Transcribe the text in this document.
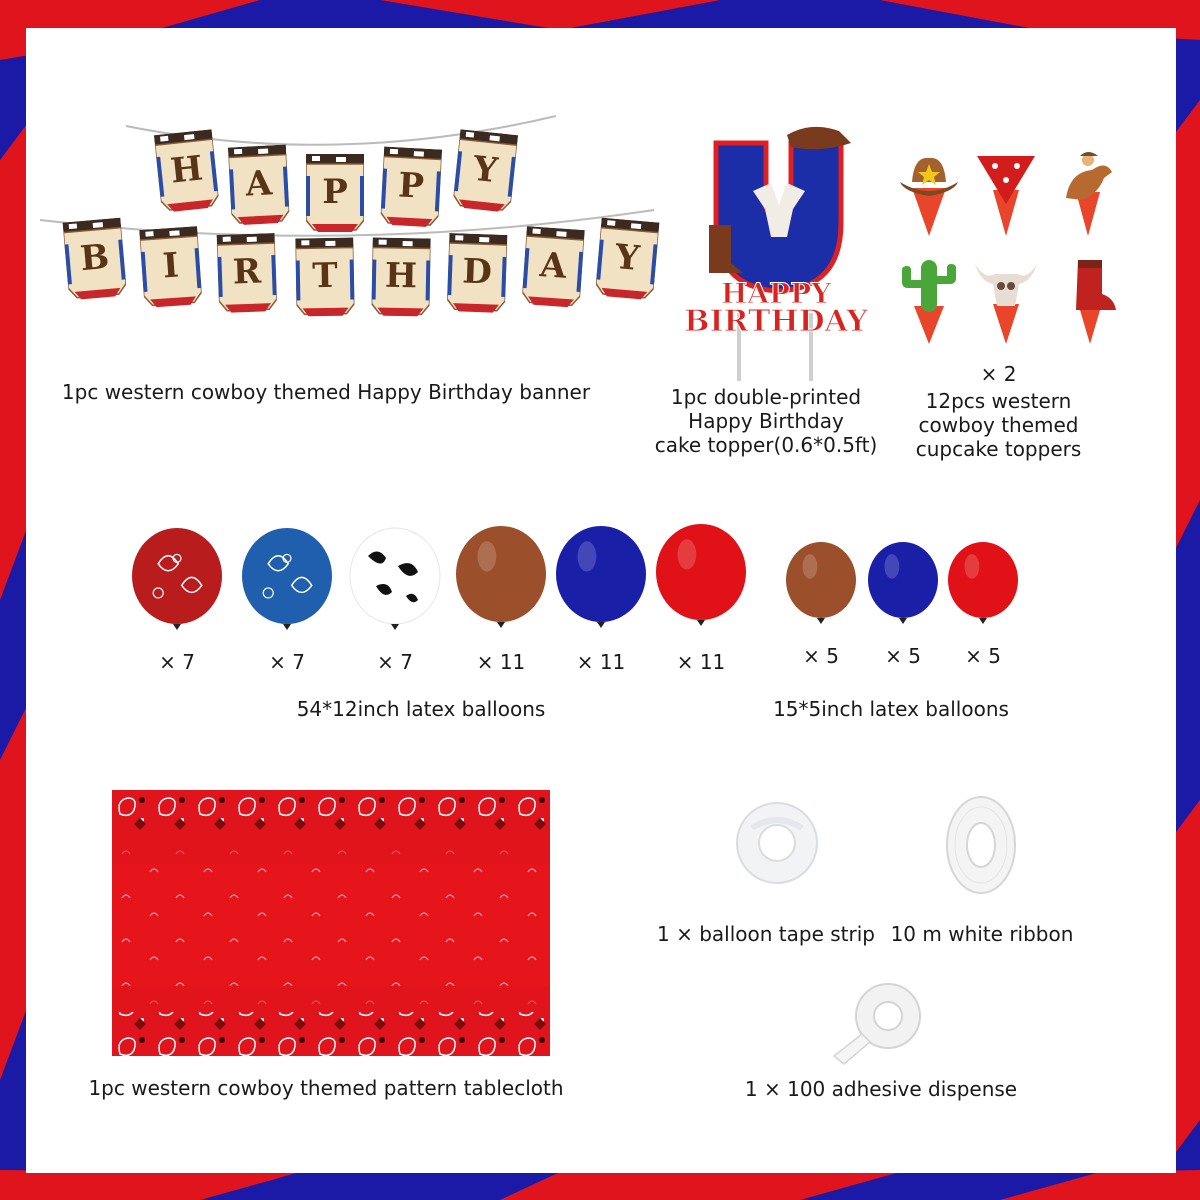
H	A	P	P	Y
B	I	R	T	H	D	A	Y
1pc western cowboy themed Happy Birthday banner
HAPPY
BIRTHDAY
1pc double-printed
Happy Birthday
cake topper(0.6*0.5ft)
× 2
12pcs western
cowboy themed
cupcake toppers
× 7	× 7	× 7	× 11	× 11	× 11
54*12inch latex balloons
× 5	× 5	× 5
15*5inch latex balloons
1pc western cowboy themed pattern tablecloth
1 × balloon tape strip 10 m white ribbon
1 × 100 adhesive dispense
